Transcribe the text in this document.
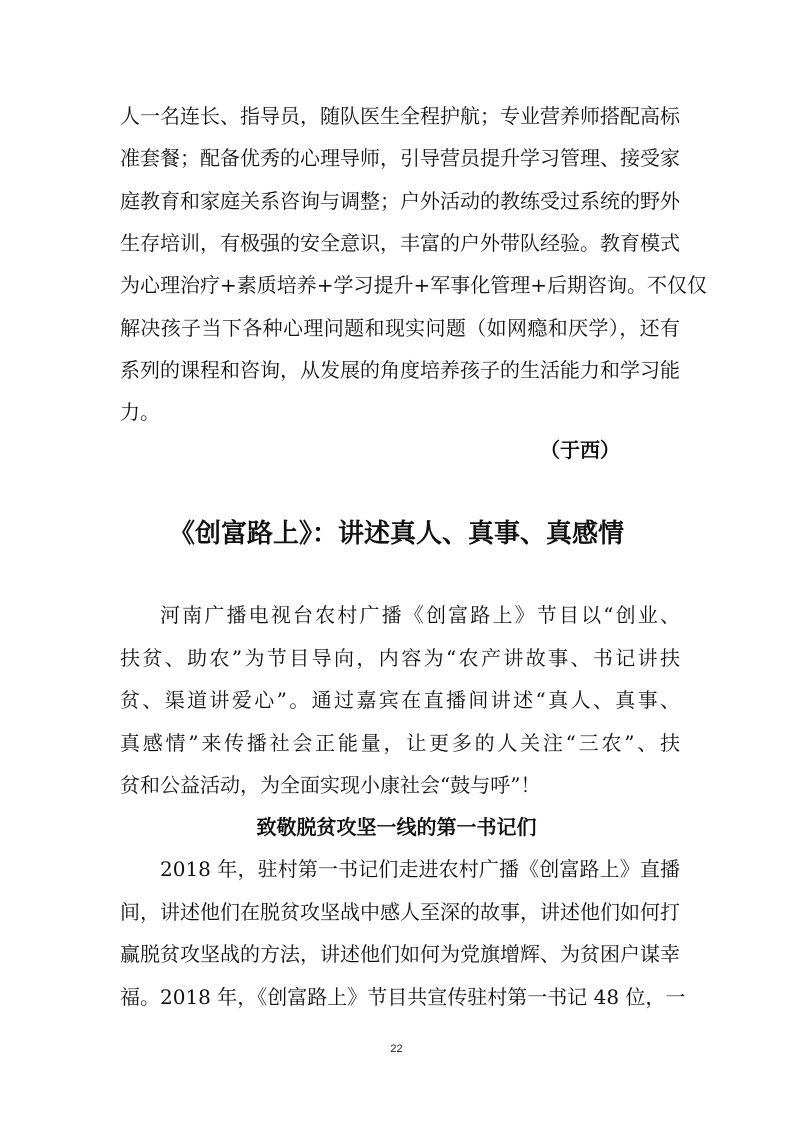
人一名连长、指导员，随队医生全程护航；专业营养师搭配高标
准套餐；配备优秀的心理导师，引导营员提升学习管理、接受家
庭教育和家庭关系咨询与调整；户外活动的教练受过系统的野外
生存培训，有极强的安全意识，丰富的户外带队经验。教育模式
为心理治疗+素质培养+学习提升+军事化管理+后期咨询。不仅仅
解决孩子当下各种心理问题和现实问题（如网瘾和厌学），还有
系列的课程和咨询，从发展的角度培养孩子的生活能力和学习能
力。
（于西）
《创富路上》：讲述真人、真事、真感情
河南广播电视台农村广播《创富路上》节目以“创业、
扶贫、助农”为节目导向，内容为“农产讲故事、书记讲扶
贫、渠道讲爱心”。通过嘉宾在直播间讲述“真人、真事、
真感情”来传播社会正能量，让更多的人关注“三农”、扶
贫和公益活动，为全面实现小康社会“鼓与呼”！
致敬脱贫攻坚一线的第一书记们
2018 年，驻村第一书记们走进农村广播《创富路上》直播
间，讲述他们在脱贫攻坚战中感人至深的故事，讲述他们如何打
赢脱贫攻坚战的方法，讲述他们如何为党旗增辉、为贫困户谋幸
福。2018 年，《创富路上》节目共宣传驻村第一书记 48 位，一
22
